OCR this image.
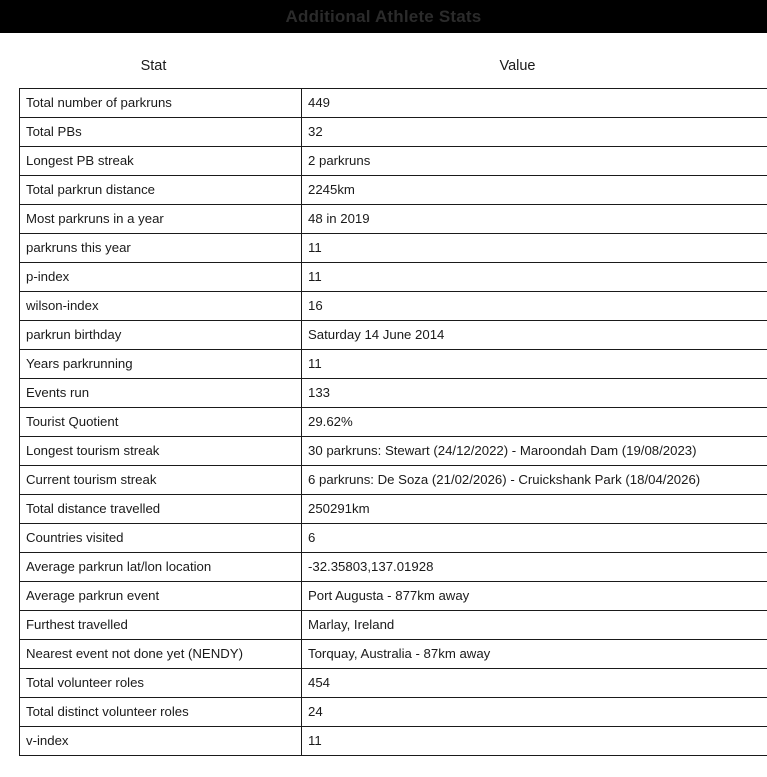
Additional Athlete Stats
Stat	Value
Total number of parkruns	449
Total PBs	32
Longest PB streak	2 parkruns
Total parkrun distance	2245km
Most parkruns in a year	48 in 2019
parkruns this year	11
p-index	11
wilson-index	16
parkrun birthday	Saturday 14 June 2014
Years parkrunning	11
Events run	133
Tourist Quotient	29.62%
Longest tourism streak	30 parkruns: Stewart (24/12/2022) - Maroondah Dam (19/08/2023)
Current tourism streak	6 parkruns: De Soza (21/02/2026) - Cruickshank Park (18/04/2026)
Total distance travelled	250291km
Countries visited	6
Average parkrun lat/lon location	-32.35803,137.01928
Average parkrun event	Port Augusta - 877km away
Furthest travelled	Marlay, Ireland
Nearest event not done yet (NENDY)	Torquay, Australia - 87km away
Total volunteer roles	454
Total distinct volunteer roles	24
v-index	11
